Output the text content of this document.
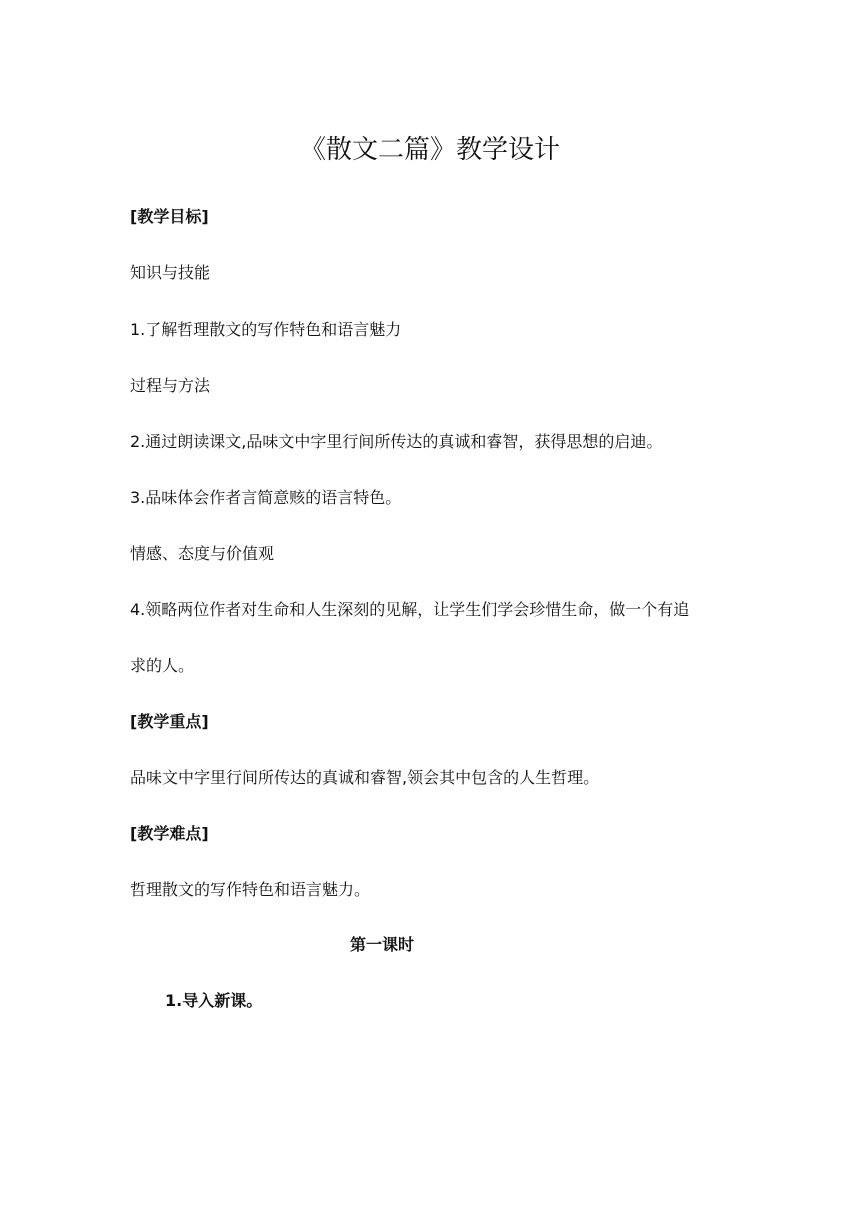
《散文二篇》教学设计

[教学目标]

知识与技能

1.了解哲理散文的写作特色和语言魅力

过程与方法

2.通过朗读课文,品味文中字里行间所传达的真诚和睿智，获得思想的启迪。

3.品味体会作者言简意赅的语言特色。

情感、态度与价值观

4.领略两位作者对生命和人生深刻的见解，让学生们学会珍惜生命，做一个有追

求的人。

[教学重点]

品味文中字里行间所传达的真诚和睿智,领会其中包含的人生哲理。

[教学难点]

哲理散文的写作特色和语言魅力。

第一课时

1.导入新课。
